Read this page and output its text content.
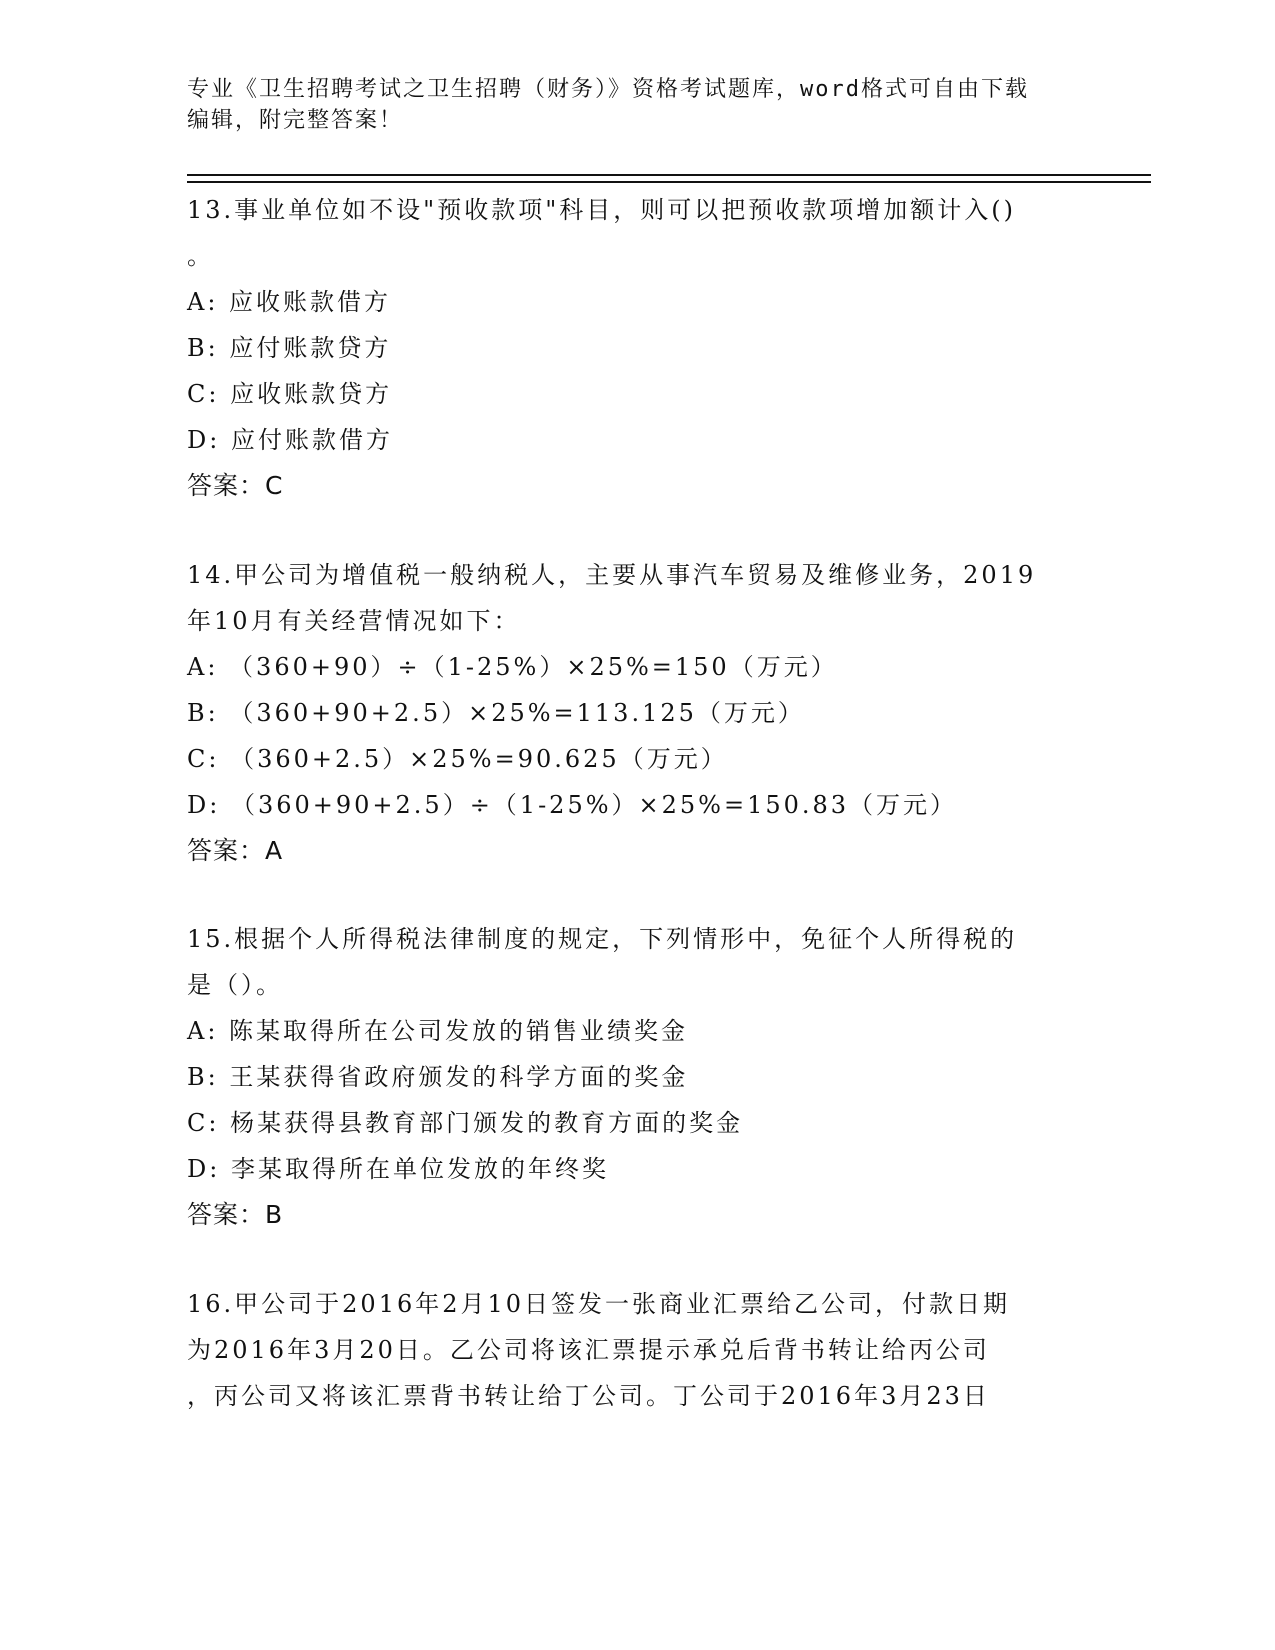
专业《卫生招聘考试之卫生招聘（财务）》资格考试题库，word格式可自由下载
编辑，附完整答案！
13.事业单位如不设"预收款项"科目，则可以把预收款项增加额计入()
。
A: 应收账款借方
B: 应付账款贷方
C: 应收账款贷方
D: 应付账款借方
答案：C
14.甲公司为增值税一般纳税人，主要从事汽车贸易及维修业务，2019
年10月有关经营情况如下：
A: （360+90）÷（1-25%）×25%=150（万元）
B: （360+90+2.5）×25%=113.125（万元）
C: （360+2.5）×25%=90.625（万元）
D: （360+90+2.5）÷（1-25%）×25%=150.83（万元）
答案：A
15.根据个人所得税法律制度的规定，下列情形中，免征个人所得税的
是（）。
A: 陈某取得所在公司发放的销售业绩奖金
B: 王某获得省政府颁发的科学方面的奖金
C: 杨某获得县教育部门颁发的教育方面的奖金
D: 李某取得所在单位发放的年终奖
答案：B
16.甲公司于2016年2月10日签发一张商业汇票给乙公司，付款日期
为2016年3月20日。乙公司将该汇票提示承兑后背书转让给丙公司
，丙公司又将该汇票背书转让给丁公司。丁公司于2016年3月23日
